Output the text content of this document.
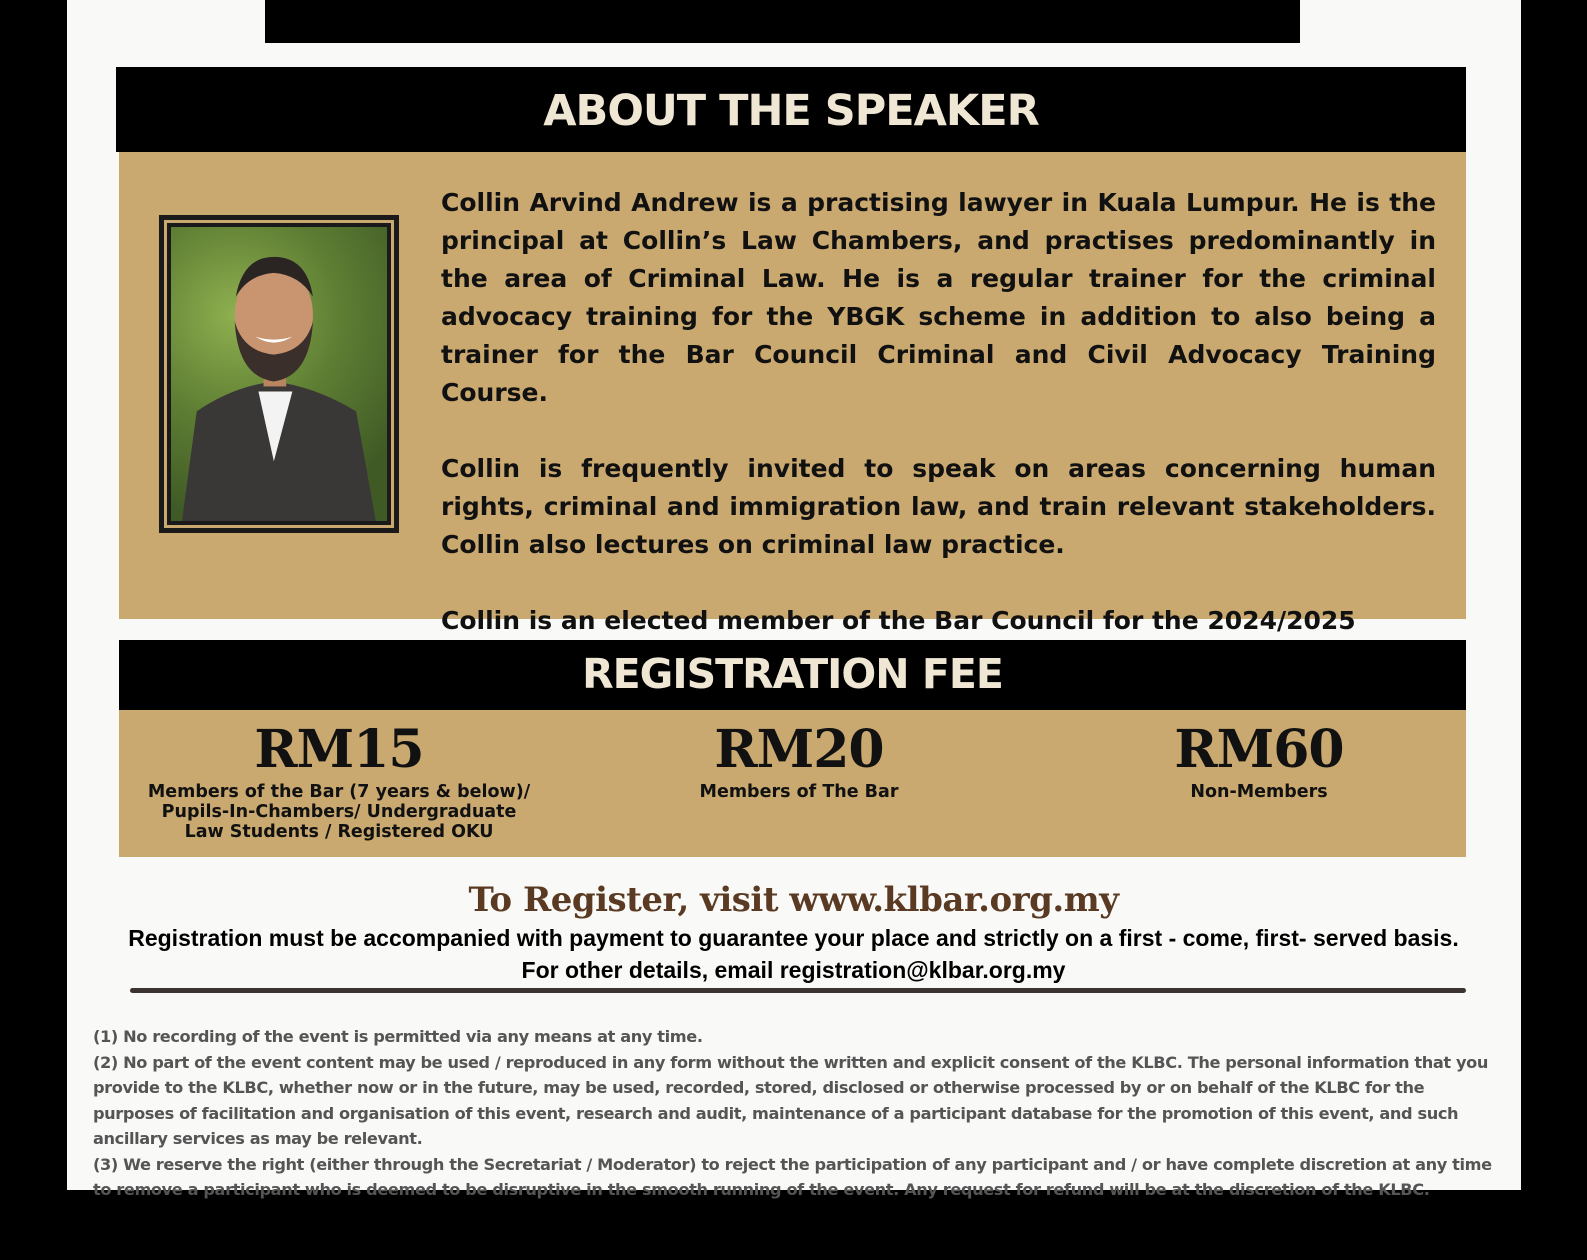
ABOUT THE SPEAKER

Collin Arvind Andrew is a practising lawyer in Kuala Lumpur. He is the principal at Collin’s Law Chambers, and practises predominantly in the area of Criminal Law. He is a regular trainer for the criminal advocacy training for the YBGK scheme in addition to also being a trainer for the Bar Council Criminal and Civil Advocacy Training Course.

Collin is frequently invited to speak on areas concerning human rights, criminal and immigration law, and train relevant stakeholders. Collin also lectures on criminal law practice.

Collin is an elected member of the Bar Council for the 2024/2025

REGISTRATION FEE
RM15
Members of the Bar (7 years & below)/
Pupils-In-Chambers/ Undergraduate
Law Students / Registered OKU
RM20
Members of The Bar
RM60
Non-Members
To Register, visit www.klbar.org.my
Registration must be accompanied with payment to guarantee your place and strictly on a first - come, first- served basis.
For other details, email registration@klbar.org.my

(1) No recording of the event is permitted via any means at any time.

(2) No part of the event content may be used / reproduced in any form without the written and explicit consent of the KLBC. The personal information that you provide to the KLBC, whether now or in the future, may be used, recorded, stored, disclosed or otherwise processed by or on behalf of the KLBC for the purposes of facilitation and organisation of this event, research and audit, maintenance of a participant database for the promotion of this event, and such ancillary services as may be relevant.

(3) We reserve the right (either through the Secretariat / Moderator) to reject the participation of any participant and / or have complete discretion at any time to remove a participant who is deemed to be disruptive in the smooth running of the event. Any request for refund will be at the discretion of the KLBC.
